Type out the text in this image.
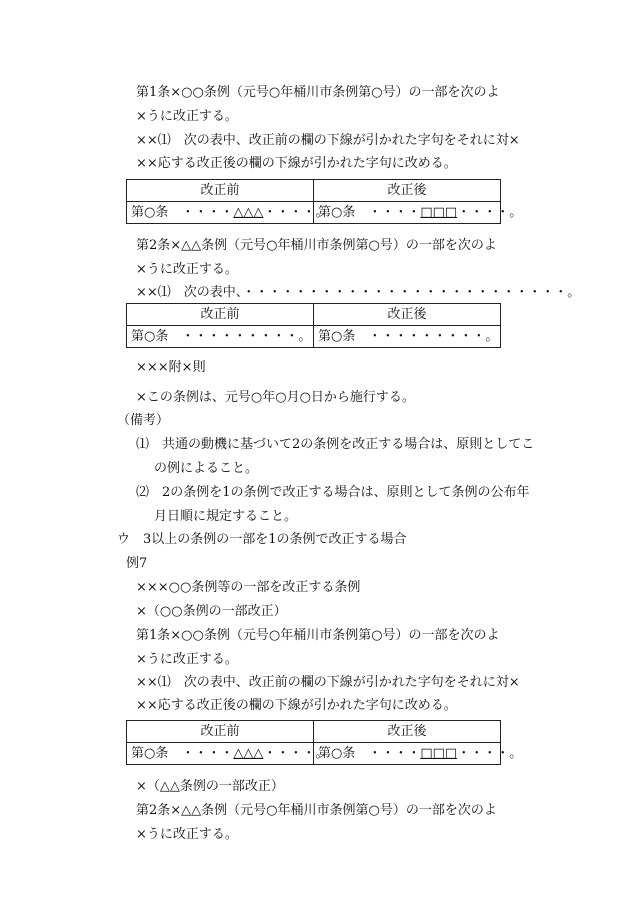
第1条×○○条例（元号○年桶川市条例第○号）の一部を次のよ
×うに改正する。
××⑴　次の表中、改正前の欄の下線が引かれた字句をそれに対×
××応する改正後の欄の下線が引かれた字句に改める。
改正前	改正後
第○条　・・・・△△△・・・・。	第○条　・・・・□□□・・・・。
第2条×△△条例（元号○年桶川市条例第○号）の一部を次のよ
×うに改正する。
××⑴　次の表中、・・・・・・・・・・・・・・・・・・・・・・・・・。
改正前	改正後
第○条　・・・・・・・・・。	第○条　・・・・・・・・・。
×××附×則
×この条例は、元号○年○月○日から施行する。
（備考）
⑴　共通の動機に基づいて2の条例を改正する場合は、原則としてこ
の例によること。
⑵　2の条例を1の条例で改正する場合は、原則として条例の公布年
月日順に規定すること。
ウ　3以上の条例の一部を1の条例で改正する場合
例7
×××○○条例等の一部を改正する条例
×（○○条例の一部改正）
第1条×○○条例（元号○年桶川市条例第○号）の一部を次のよ
×うに改正する。
××⑴　次の表中、改正前の欄の下線が引かれた字句をそれに対×
××応する改正後の欄の下線が引かれた字句に改める。
改正前	改正後
第○条　・・・・△△△・・・・。	第○条　・・・・□□□・・・・。
×（△△条例の一部改正）
第2条×△△条例（元号○年桶川市条例第○号）の一部を次のよ
×うに改正する。
